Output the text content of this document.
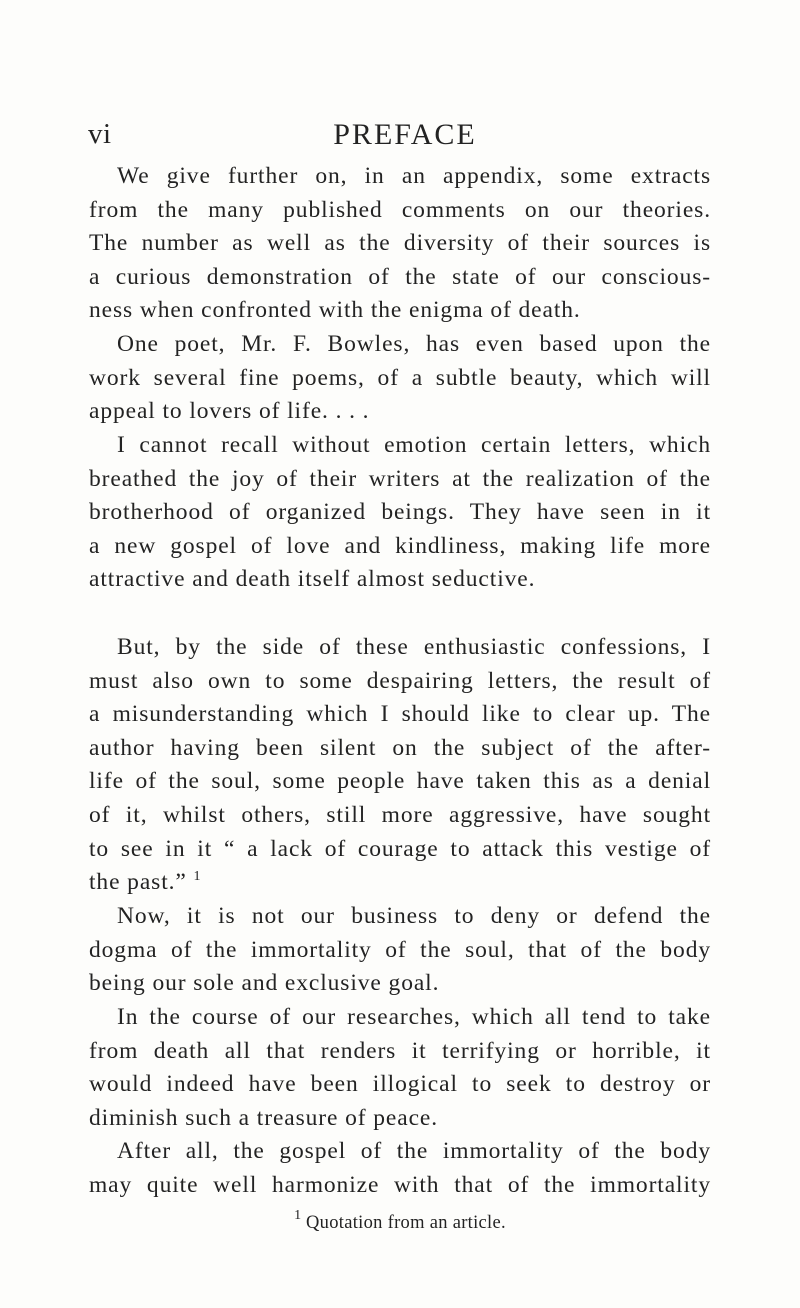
vi	PREFACE
We give further on, in an appendix, some extracts
from the many published comments on our theories.
The number as well as the diversity of their sources is
a curious demonstration of the state of our conscious-
ness when confronted with the enigma of death.
One poet, Mr. F. Bowles, has even based upon the
work several fine poems, of a subtle beauty, which will
appeal to lovers of life. . . .
I cannot recall without emotion certain letters, which
breathed the joy of their writers at the realization of the
brotherhood of organized beings. They have seen in it
a new gospel of love and kindliness, making life more
attractive and death itself almost seductive.
But, by the side of these enthusiastic confessions, I
must also own to some despairing letters, the result of
a misunderstanding which I should like to clear up. The
author having been silent on the subject of the after-
life of the soul, some people have taken this as a denial
of it, whilst others, still more aggressive, have sought
to see in it “ a lack of courage to attack this vestige of
the past.” $^1$
Now, it is not our business to deny or defend the
dogma of the immortality of the soul, that of the body
being our sole and exclusive goal.
In the course of our researches, which all tend to take
from death all that renders it terrifying or horrible, it
would indeed have been illogical to seek to destroy or
diminish such a treasure of peace.
After all, the gospel of the immortality of the body
may quite well harmonize with that of the immortality
$^1$ Quotation from an article.
